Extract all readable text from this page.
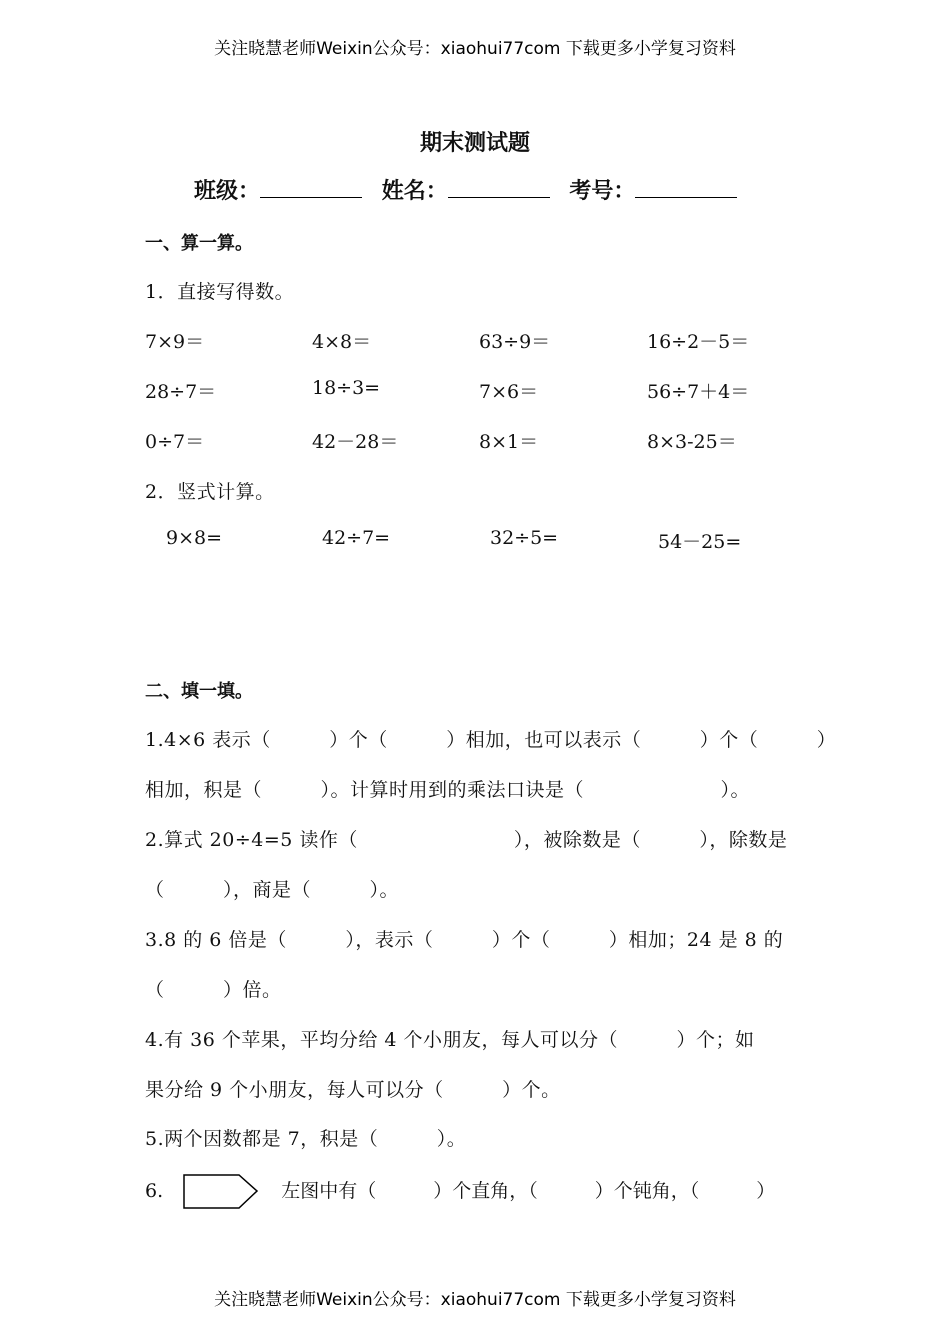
关注晓慧老师Weixin公众号：xiaohui77com 下载更多小学复习资料
期末测试题
班级：	姓名：	考号：
一、算一算。
1．直接写得数。
7×9＝	4×8＝	63÷9＝	16÷2－5＝
28÷7＝	18÷3=	7×6＝	56÷7＋4＝
0÷7＝	42－28＝	8×1＝	8×3-25＝
2．竖式计算。
9×8=	42÷7=	32÷5=	54－25=
二、填一填。
1.4×6 表示（　　　）个（　　　）相加，也可以表示（　　　）个（　　　）
相加，积是（　　　）。计算时用到的乘法口诀是（　　　　　　　）。
2.算式 20÷4=5 读作（　　　　　　　　），被除数是（　　　），除数是
（　　　），商是（　　　）。
3.8 的 6 倍是（　　　），表示（　　　）个（　　　）相加；24 是 8 的
（　　　）倍。
4.有 36 个苹果，平均分给 4 个小朋友，每人可以分（　　　）个；如
果分给 9 个小朋友，每人可以分（　　　）个。
5.两个因数都是 7，积是（　　　）。
6.	左图中有（　　　）个直角，（　　　）个钝角，（　　　）
关注晓慧老师Weixin公众号：xiaohui77com 下载更多小学复习资料
